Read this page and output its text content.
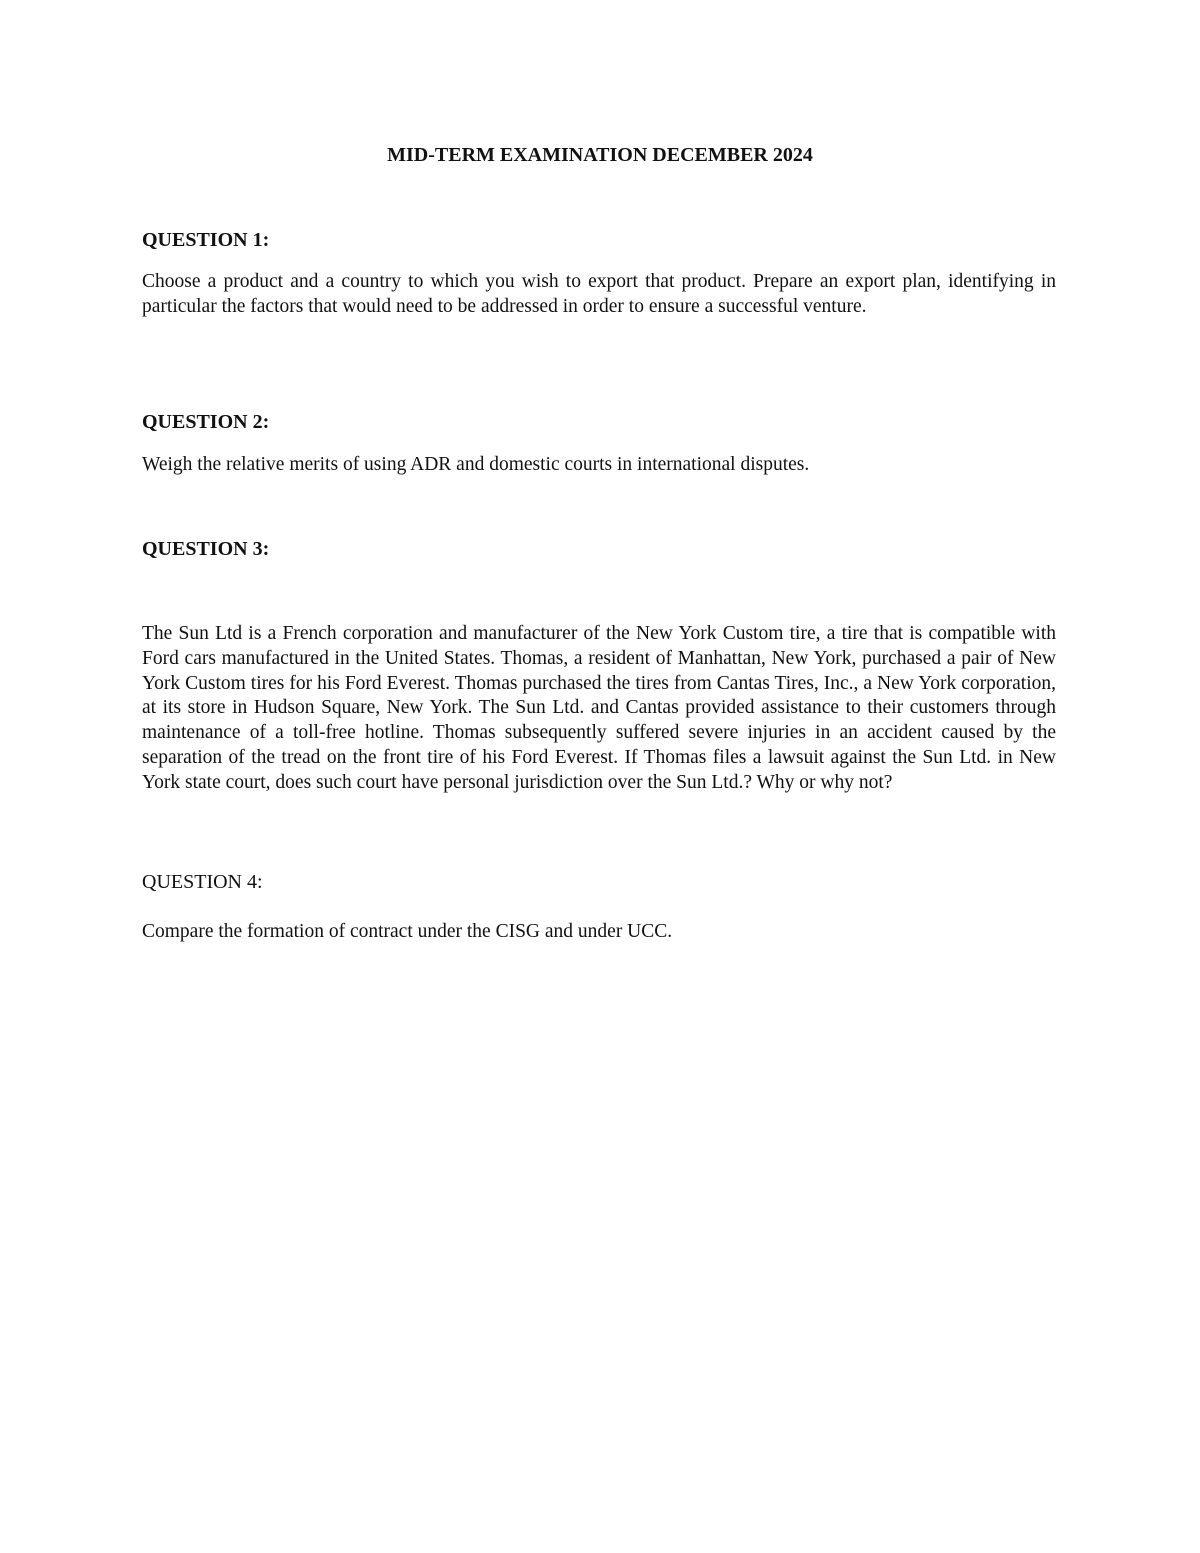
MID-TERM EXAMINATION DECEMBER 2024
QUESTION 1:

Choose a product and a country to which you wish to export that product. Prepare an export plan, identifying in particular the factors that would need to be addressed in order to ensure a successful venture.

QUESTION 2:

Weigh the relative merits of using ADR and domestic courts in international disputes.

QUESTION 3:

The Sun Ltd is a French corporation and manufacturer of the New York Custom tire, a tire that is compatible with Ford cars manufactured in the United States. Thomas, a resident of Manhattan, New York, purchased a pair of New York Custom tires for his Ford Everest. Thomas purchased the tires from Cantas Tires, Inc., a New York corporation, at its store in Hudson Square, New York. The Sun Ltd. and Cantas provided assistance to their customers through maintenance of a toll-free hotline. Thomas subsequently suffered severe injuries in an accident caused by the separation of the tread on the front tire of his Ford Everest. If Thomas files a lawsuit against the Sun Ltd. in New York state court, does such court have personal jurisdiction over the Sun Ltd.? Why or why not?

QUESTION 4:

Compare the formation of contract under the CISG and under UCC.
